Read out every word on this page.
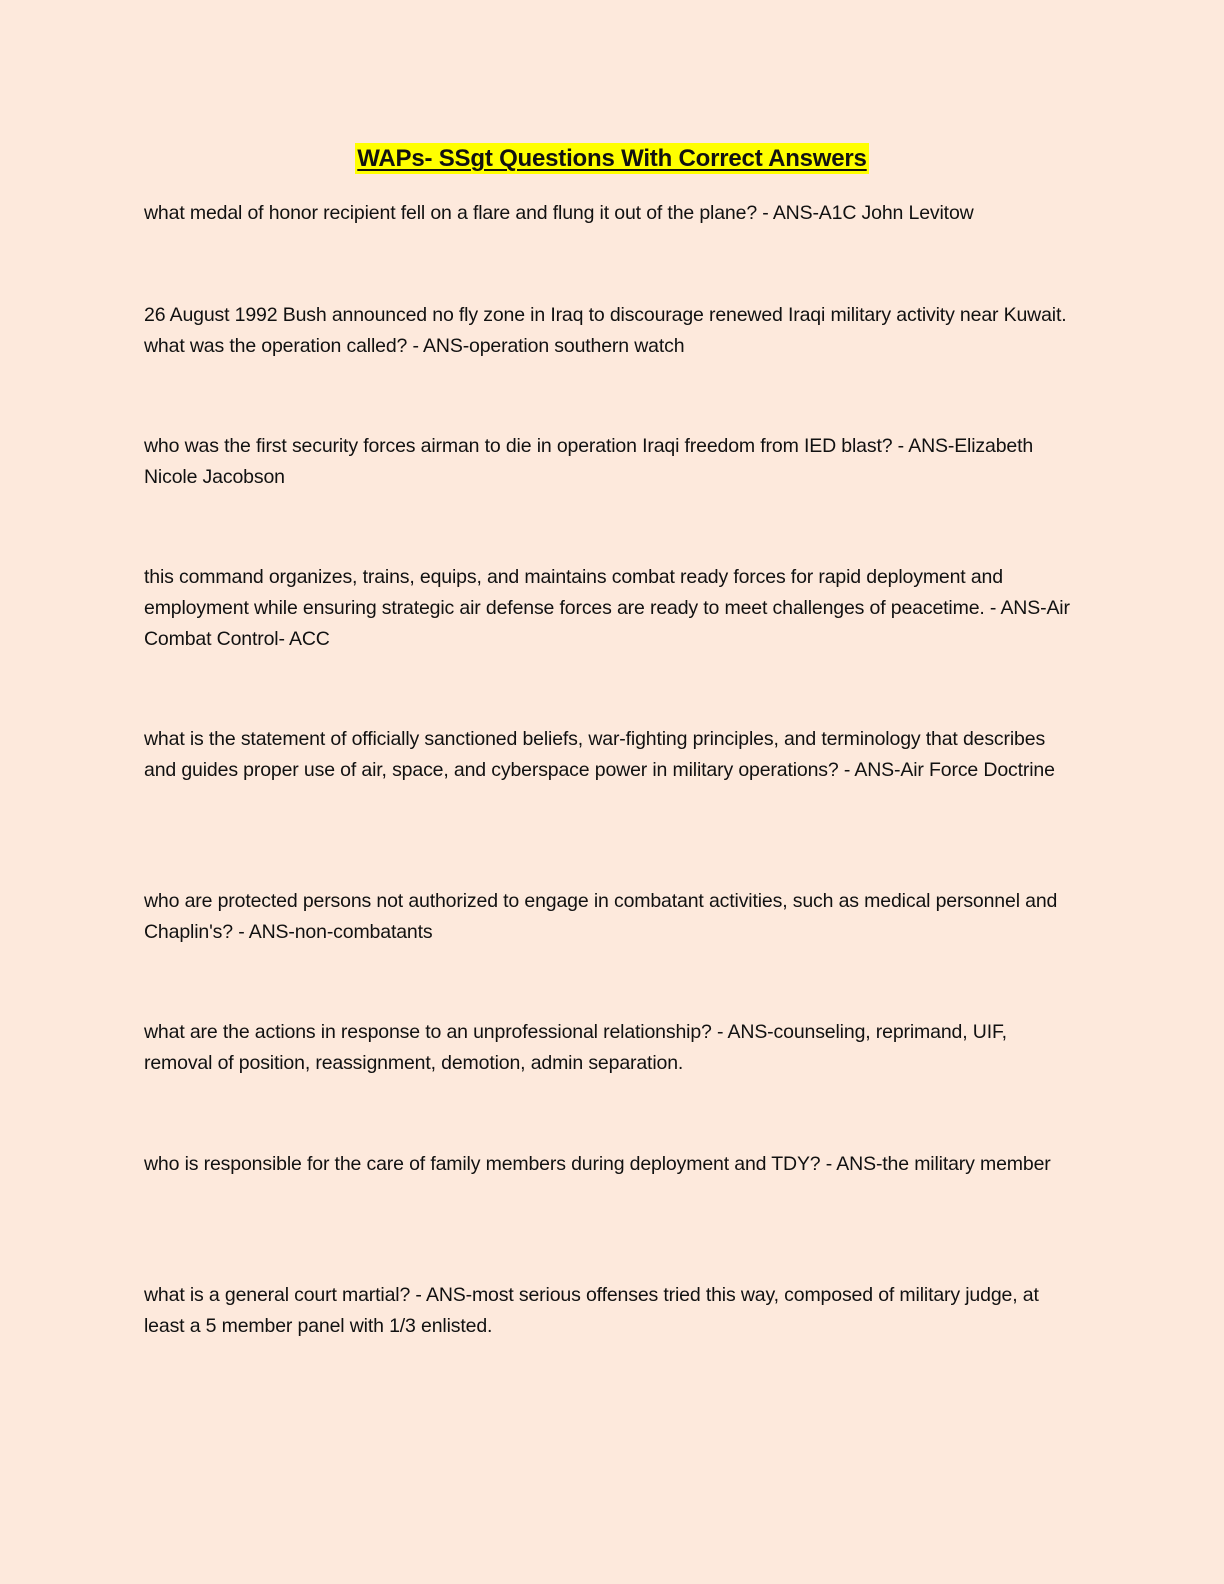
WAPs- SSgt Questions With Correct Answers
what medal of honor recipient fell on a flare and flung it out of the plane? - ANS-A1C John Levitow
26 August 1992 Bush announced no fly zone in Iraq to discourage renewed Iraqi military activity near Kuwait. what was the operation called? - ANS-operation southern watch
who was the first security forces airman to die in operation Iraqi freedom from IED blast? - ANS-Elizabeth Nicole Jacobson
this command organizes, trains, equips, and maintains combat ready forces for rapid deployment and employment while ensuring strategic air defense forces are ready to meet challenges of peacetime. - ANS-Air Combat Control- ACC
what is the statement of officially sanctioned beliefs, war-fighting principles, and terminology that describes and guides proper use of air, space, and cyberspace power in military operations? - ANS-Air Force Doctrine
who are protected persons not authorized to engage in combatant activities, such as medical personnel and Chaplin's? - ANS-non-combatants
what are the actions in response to an unprofessional relationship? - ANS-counseling, reprimand, UIF, removal of position, reassignment, demotion, admin separation.
who is responsible for the care of family members during deployment and TDY? - ANS-the military member
what is a general court martial? - ANS-most serious offenses tried this way, composed of military judge, at least a 5 member panel with 1/3 enlisted.
